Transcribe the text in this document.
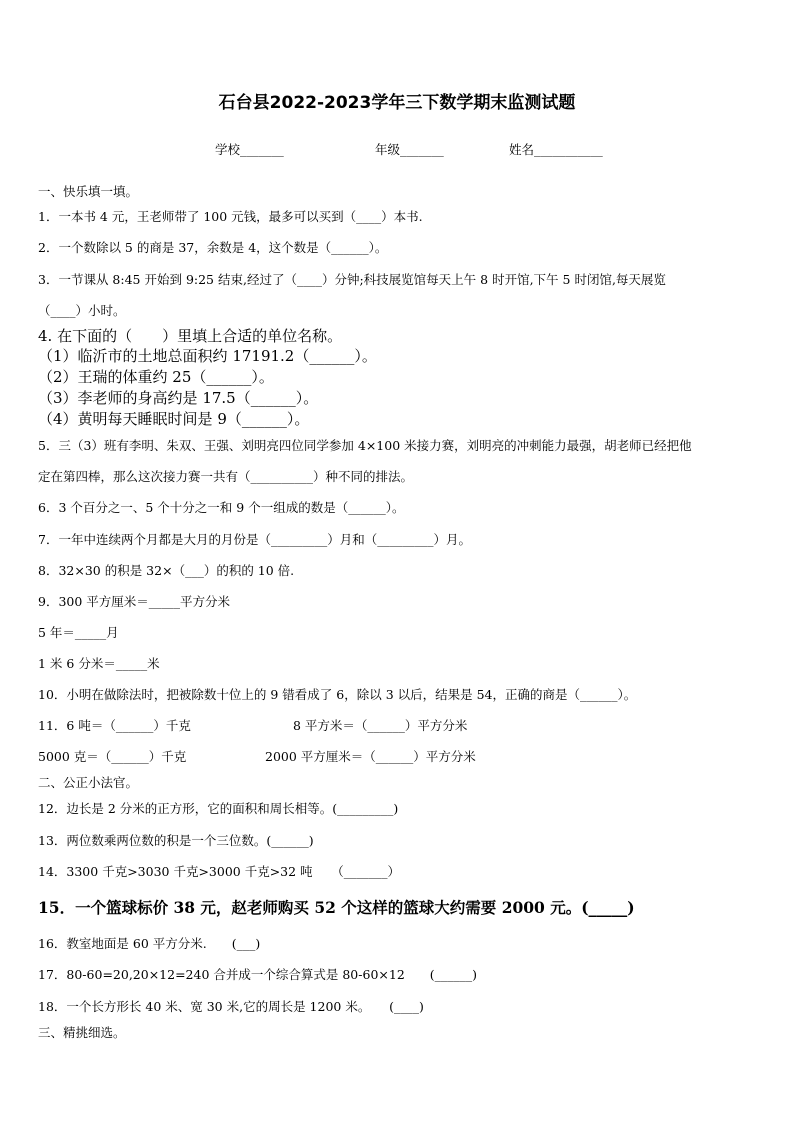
石台县2022-2023学年三下数学期末监测试题
学校_______	年级_______	姓名___________
一、快乐填一填。
1．一本书 4 元，王老师带了 100 元钱，最多可以买到（____）本书.
2．一个数除以 5 的商是 37，余数是 4，这个数是（______）。
3．一节课从 8:45 开始到 9:25 结束,经过了（____）分钟;科技展览馆每天上午 8 时开馆,下午 5 时闭馆,每天展览
（____）小时。
4. 在下面的（　　）里填上合适的单位名称。
（1）临沂市的土地总面积约 17191.2（______）。
（2）王瑞的体重约 25（______）。
（3）李老师的身高约是 17.5（______）。
（4）黄明每天睡眠时间是 9（______）。
5．三（3）班有李明、朱双、王强、刘明亮四位同学参加 4×100 米接力赛，刘明亮的冲刺能力最强，胡老师已经把他
定在第四棒，那么这次接力赛一共有（__________）种不同的排法。
6．3 个百分之一、5 个十分之一和 9 个一组成的数是（______）。
7．一年中连续两个月都是大月的月份是（_________）月和（_________）月。
8．32×30 的积是 32×（___）的积的 10 倍.
9．300 平方厘米＝_____平方分米
5 年＝_____月
1 米 6 分米＝_____米
10．小明在做除法时，把被除数十位上的 9 错看成了 6，除以 3 以后，结果是 54，正确的商是（______）。
11．6 吨＝（______）千克	8 平方米＝（______）平方分米
5000 克＝（______）千克	2000 平方厘米＝（______）平方分米
二、公正小法官。
12．边长是 2 分米的正方形，它的面积和周长相等。(_________)
13．两位数乘两位数的积是一个三位数。(______)
14．3300 千克>3030 千克>3000 千克>32 吨　　（_______）
15．一个篮球标价 38 元，赵老师购买 52 个这样的篮球大约需要 2000 元。(_____)
16．教室地面是 60 平方分米.　　(___)
17．80-60=20,20×12=240 合并成一个综合算式是 80-60×12　　(______)
18．一个长方形长 40 米、宽 30 米,它的周长是 1200 米。　　(____)
三、精挑细选。
